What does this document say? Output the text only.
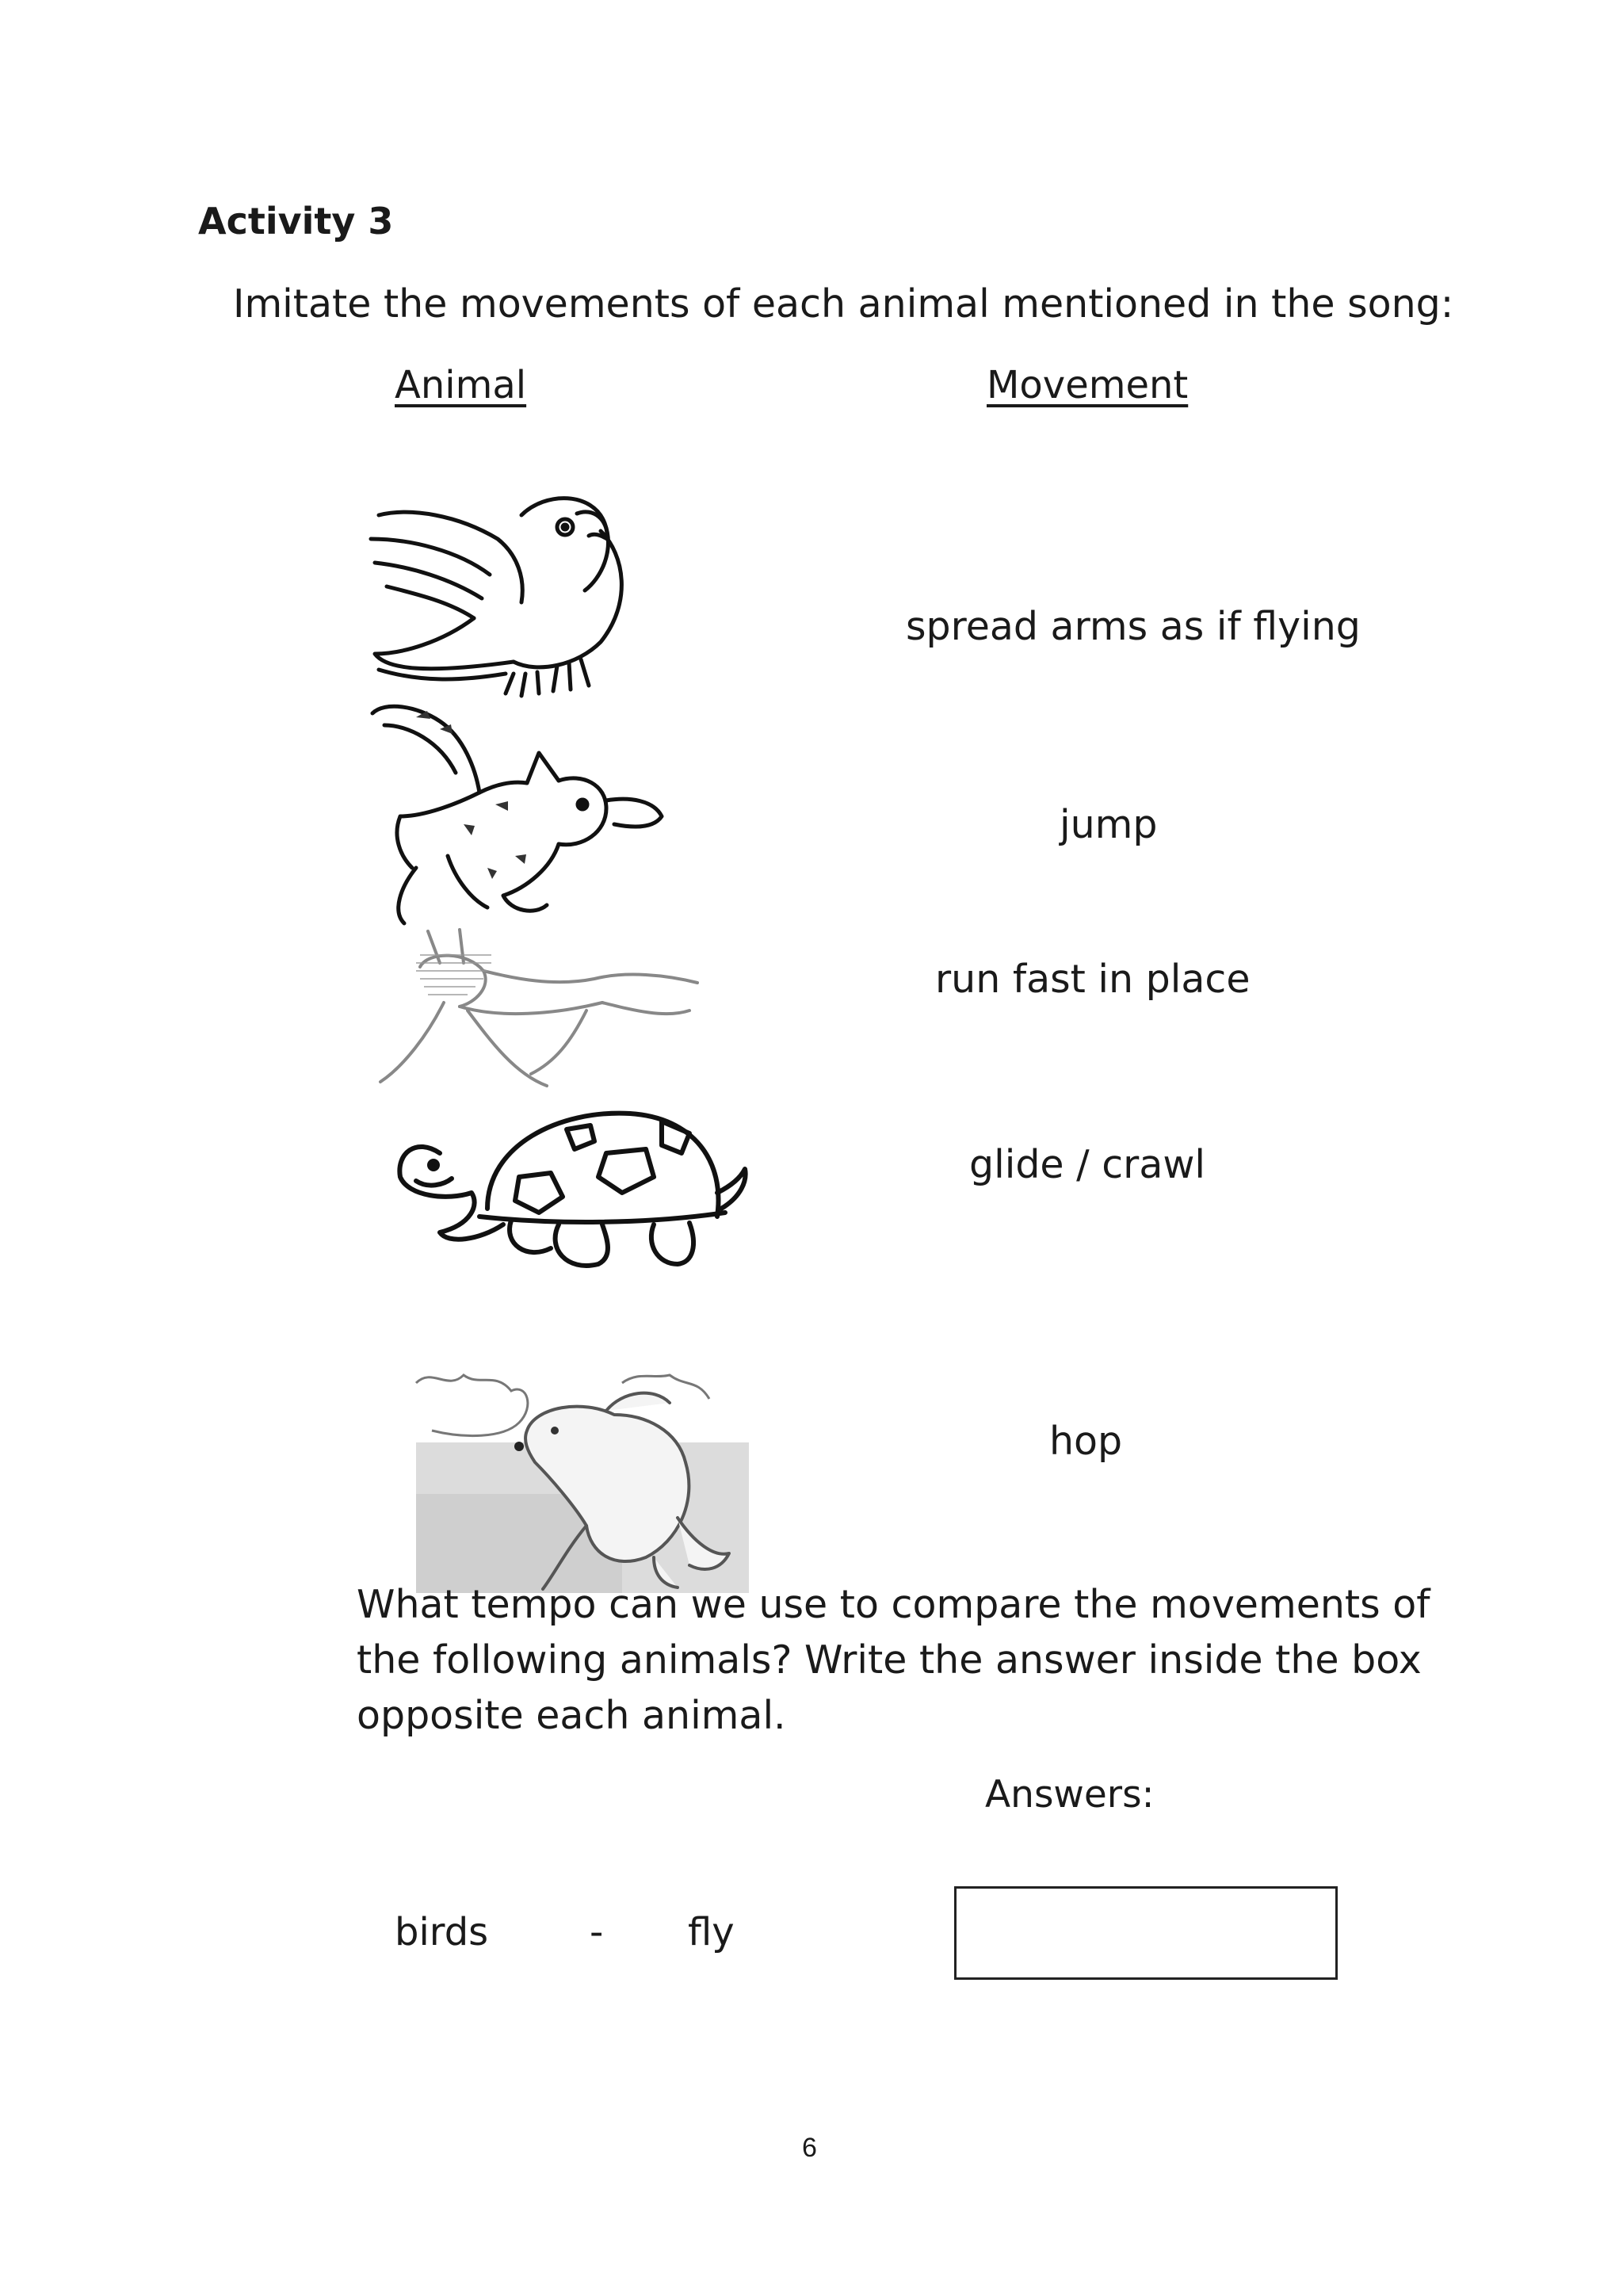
Activity 3
Imitate the movements of each animal mentioned in the song:
Animal	Movement
spread arms as if flying
jump
run fast in place
glide / crawl
hop
What tempo can we use to compare the movements of the following animals? Write the answer inside the box opposite each animal.
Answers:
birds	- fly
6
